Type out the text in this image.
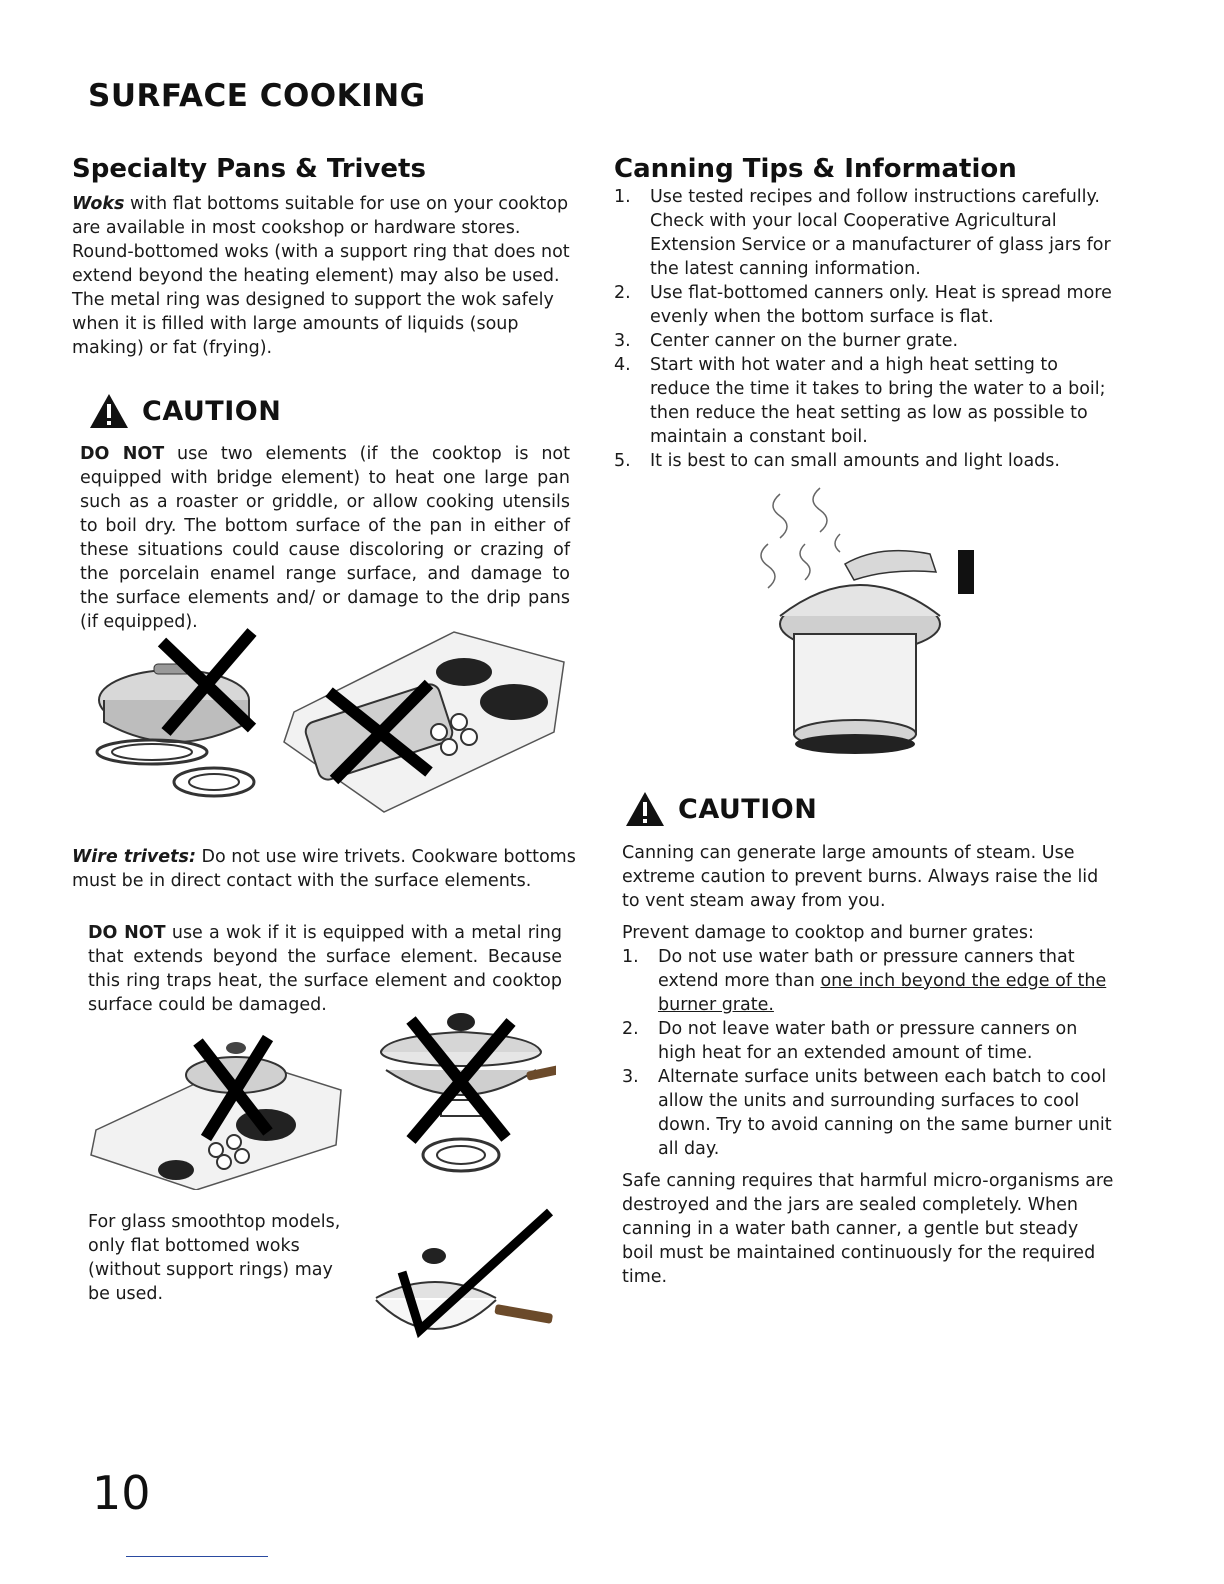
SURFACE COOKING
Specialty Pans & Trivets
Woks with flat bottoms suitable for use on your cooktop are available in most cookshop or hardware stores. Round-bottomed woks (with a support ring that does not extend beyond the heating element) may also be used. The metal ring was designed to support the wok safely when it is filled with large amounts of liquids (soup making) or fat (frying).
CAUTION
DO NOT use two elements (if the cooktop is not equipped with bridge element) to heat one large pan such as a roaster or griddle, or allow cooking utensils to boil dry. The bottom surface of the pan in either of these situations could cause discoloring or crazing of the porcelain enamel range surface, and damage to the surface elements and/ or damage to the drip pans (if equipped).
Wire trivets: Do not use wire trivets. Cookware bottoms must be in direct contact with the surface elements.
DO NOT use a wok if it is equipped with a metal ring that extends beyond the surface element. Because this ring traps heat, the surface element and cooktop surface could be damaged.
For glass smoothtop models, only flat bottomed woks (without support rings) may be used.
Canning Tips & Information
1. Use tested recipes and follow instructions carefully. Check with your local Cooperative Agricultural Extension Service or a manufacturer of glass jars for the latest canning information.
2. Use flat-bottomed canners only. Heat is spread more evenly when the bottom surface is flat.
3. Center canner on the burner grate.
4. Start with hot water and a high heat setting to reduce the time it takes to bring the water to a boil; then reduce the heat setting as low as possible to maintain a constant boil.
5. It is best to can small amounts and light loads.
CAUTION
Canning can generate large amounts of steam. Use extreme caution to prevent burns. Always raise the lid to vent steam away from you.
Prevent damage to cooktop and burner grates:
1. Do not use water bath or pressure canners that extend more than one inch beyond the edge of the burner grate.
2. Do not leave water bath or pressure canners on high heat for an extended amount of time.
3. Alternate surface units between each batch to cool allow the units and surrounding surfaces to cool down. Try to avoid canning on the same burner unit all day.
Safe canning requires that harmful micro-organisms are destroyed and the jars are sealed completely. When canning in a water bath canner, a gentle but steady boil must be maintained continuously for the required time.
10
